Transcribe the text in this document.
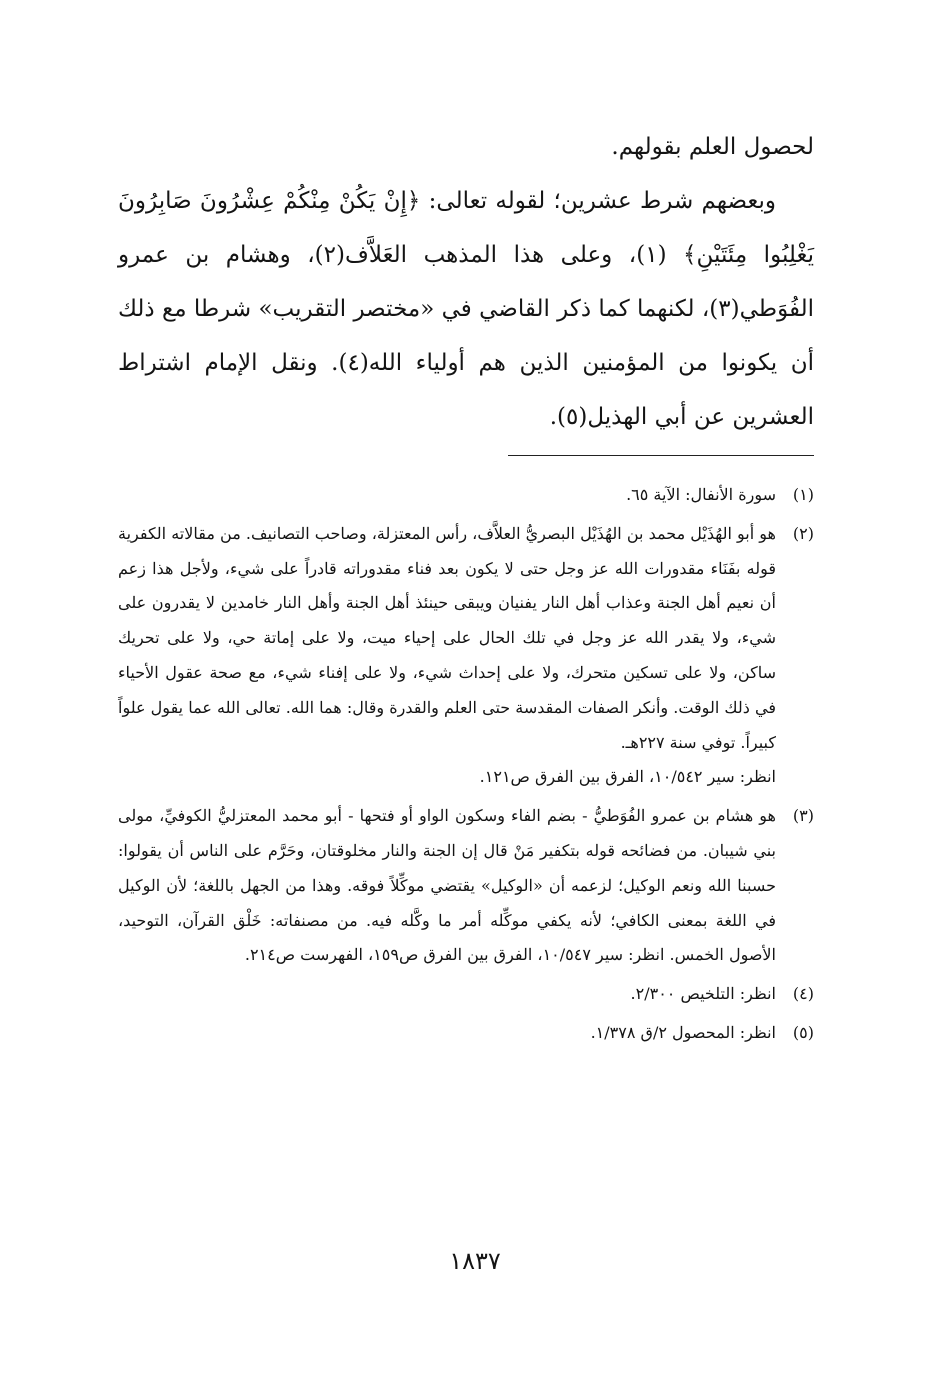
لحصول العلم بقولهم.

وبعضهم شرط عشرين؛ لقوله تعالى: ﴿إِنْ يَكُنْ مِنْكُمْ عِشْرُونَ صَابِرُونَ يَغْلِبُوا مِئَتَيْنِ﴾ (١)، وعلى هذا المذهب العَلاَّف(٢)، وهشام بن عمرو الفُوَطي(٣)، لكنهما كما ذكر القاضي في «مختصر التقريب» شرطا مع ذلك أن يكونوا من المؤمنين الذين هم أولياء الله(٤). ونقل الإمام اشتراط العشرين عن أبي الهذيل(٥).

(١)

سورة الأنفال: الآية ٦٥.

(٢)

هو أبو الهُذَيْل محمد بن الهُذَيْل البصريُّ العلاَّف، رأس المعتزلة، وصاحب التصانيف. من مقالاته الكفرية قوله بفَنَاء مقدورات الله عز وجل حتى لا يكون بعد فناء مقدوراته قادراً على شيء، ولأجل هذا زعم أن نعيم أهل الجنة وعذاب أهل النار يفنيان ويبقى حينئذ أهل الجنة وأهل النار خامدين لا يقدرون على شيء، ولا يقدر الله عز وجل في تلك الحال على إحياء ميت، ولا على إماتة حي، ولا على تحريك ساكن، ولا على تسكين متحرك، ولا على إحداث شيء، ولا على إفناء شيء، مع صحة عقول الأحياء في ذلك الوقت. وأنكر الصفات المقدسة حتى العلم والقدرة وقال: هما الله. تعالى الله عما يقول علواً كبيراً. توفي سنة ٢٢٧هـ.

انظر: سير ١٠/٥٤٢، الفرق بين الفرق ص١٢١.

(٣)

هو هشام بن عمرو الفُوَطيُّ - بضم الفاء وسكون الواو أو فتحها - أبو محمد المعتزليُّ الكوفيِّ، مولى بني شيبان. من فضائحه قوله بتكفير مَنْ قال إن الجنة والنار مخلوقتان، وحَرَّم على الناس أن يقولوا: حسبنا الله ونعم الوكيل؛ لزعمه أن «الوكيل» يقتضي موكِّلاً فوقه. وهذا من الجهل باللغة؛ لأن الوكيل في اللغة بمعنى الكافي؛ لأنه يكفي موكِّله أمر ما وكَّله فيه. من مصنفاته: خَلْق القرآن، التوحيد، الأصول الخمس. انظر: سير ١٠/٥٤٧، الفرق بين الفرق ص١٥٩، الفهرست ص٢١٤.

(٤)

انظر: التلخيص ٢/٣٠٠.

(٥)

انظر: المحصول ٢/ق ١/٣٧٨.

١٨٣٧
